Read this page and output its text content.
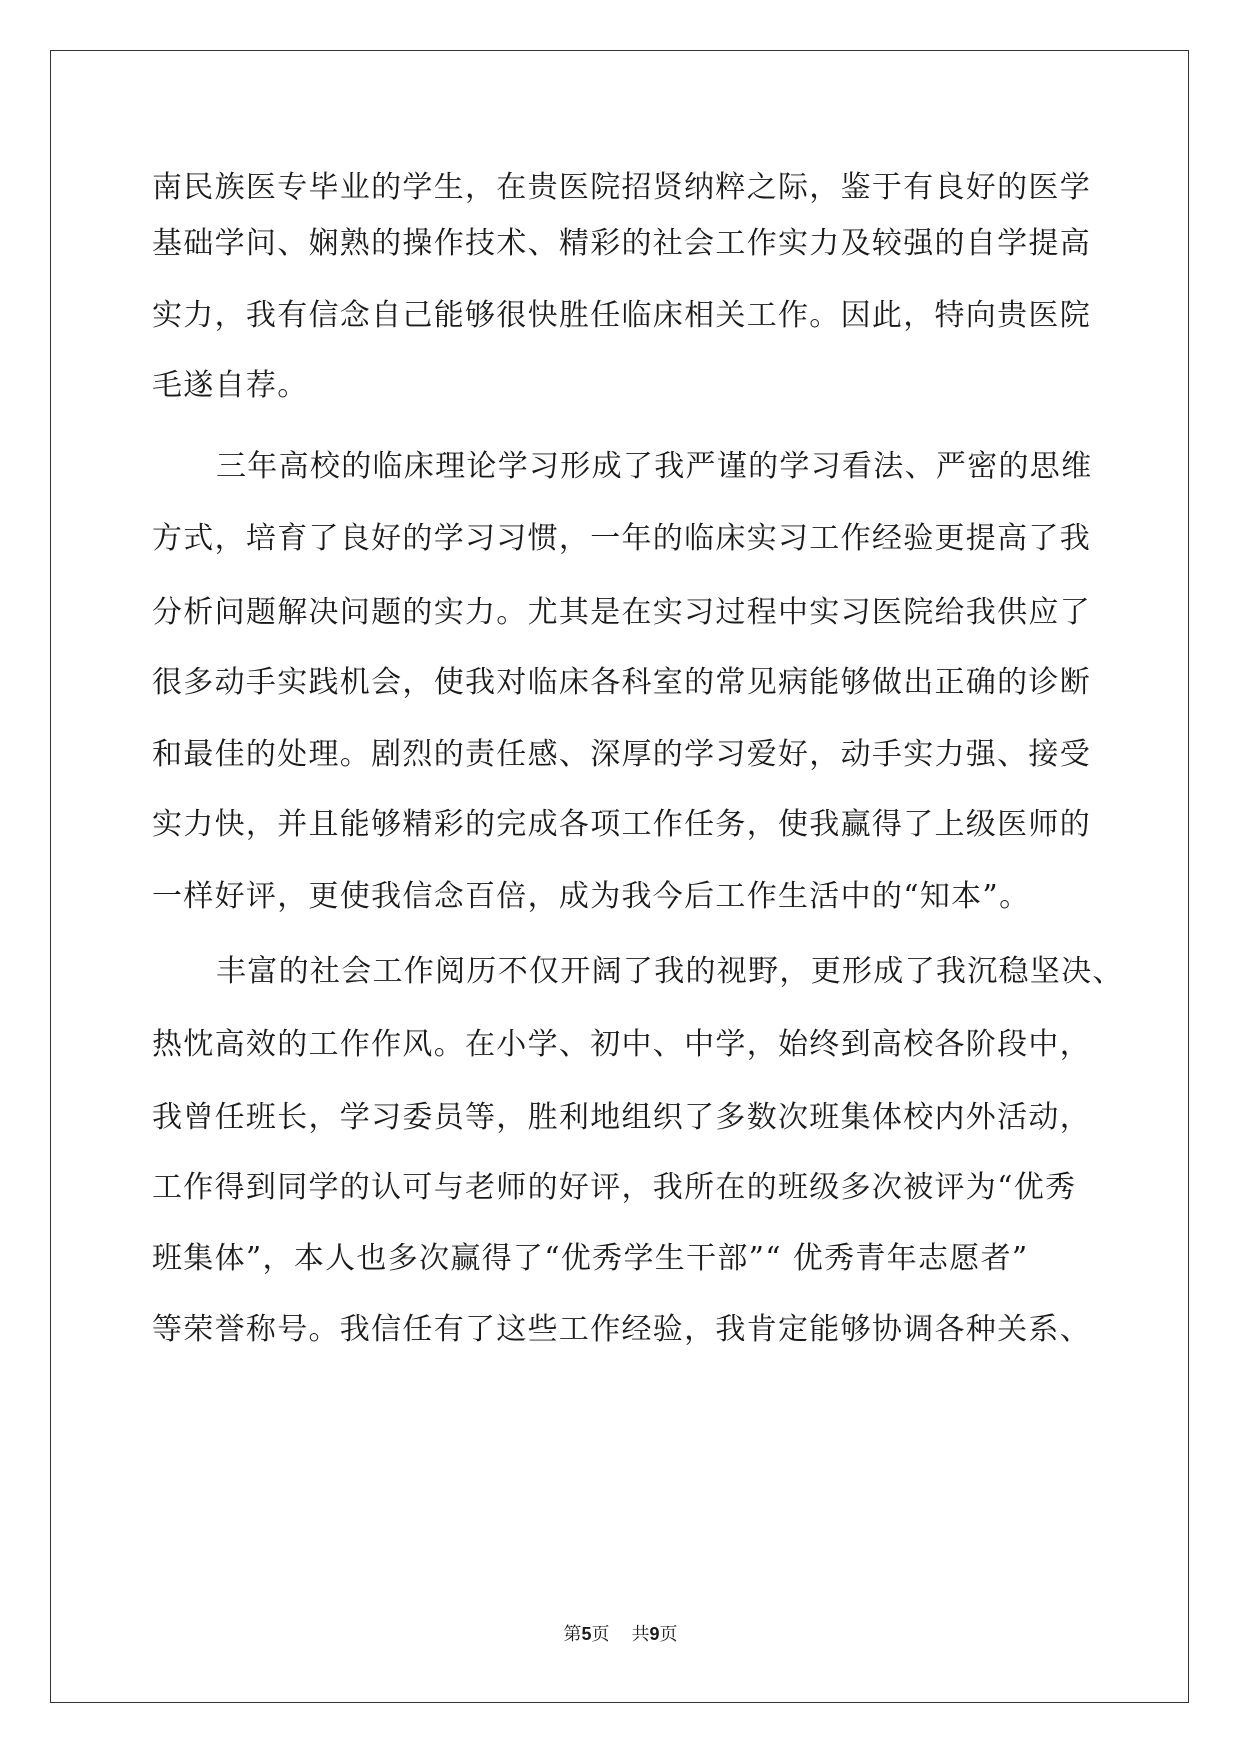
南民族医专毕业的学生，在贵医院招贤纳粹之际，鉴于有良好的医学
基础学问、娴熟的操作技术、精彩的社会工作实力及较强的自学提高
实力，我有信念自己能够很快胜任临床相关工作。因此，特向贵医院
毛遂自荐。
三年高校的临床理论学习形成了我严谨的学习看法、严密的思维
方式，培育了良好的学习习惯，一年的临床实习工作经验更提高了我
分析问题解决问题的实力。尤其是在实习过程中实习医院给我供应了
很多动手实践机会，使我对临床各科室的常见病能够做出正确的诊断
和最佳的处理。剧烈的责任感、深厚的学习爱好，动手实力强、接受
实力快，并且能够精彩的完成各项工作任务，使我赢得了上级医师的
一样好评，更使我信念百倍，成为我今后工作生活中的“知本”。
丰富的社会工作阅历不仅开阔了我的视野，更形成了我沉稳坚决、
热忱高效的工作作风。在小学、初中、中学，始终到高校各阶段中，
我曾任班长，学习委员等，胜利地组织了多数次班集体校内外活动，
工作得到同学的认可与老师的好评，我所在的班级多次被评为“优秀
班集体”，本人也多次赢得了“优秀学生干部”“ 优秀青年志愿者”
等荣誉称号。我信任有了这些工作经验，我肯定能够协调各种关系、
第5页 共9页
